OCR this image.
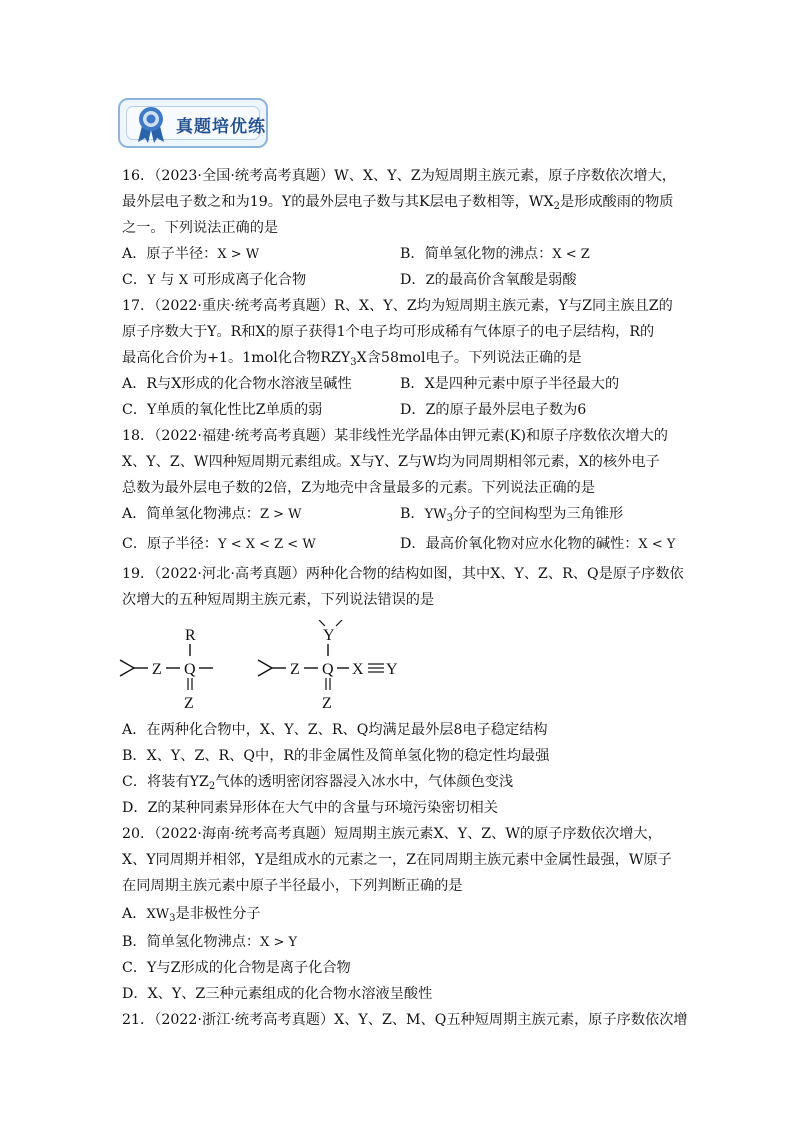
真题培优练
16．（2023·全国·统考高考真题）W、X、Y、Z为短周期主族元素，原子序数依次增大，
最外层电子数之和为19。Y的最外层电子数与其K层电子数相等，$WX_2$是形成酸雨的物质
之一。下列说法正确的是
A．原子半径：X > W	B．简单氢化物的沸点：X < Z
C．Y 与 X 可形成离子化合物	D．Z的最高价含氧酸是弱酸
17．（2022·重庆·统考高考真题）R、X、Y、Z均为短周期主族元素，Y与Z同主族且Z的
原子序数大于Y。R和X的原子获得1个电子均可形成稀有气体原子的电子层结构，R的
最高化合价为+1。1mol化合物$RZY_3X$含58mol电子。下列说法正确的是
A．R与X形成的化合物水溶液呈碱性	B．X是四种元素中原子半径最大的
C．Y单质的氧化性比Z单质的弱	D．Z的原子最外层电子数为6
18．（2022·福建·统考高考真题）某非线性光学晶体由钾元素(K)和原子序数依次增大的
X、Y、Z、W四种短周期元素组成。X与Y、Z与W均为同周期相邻元素，X的核外电子
总数为最外层电子数的2倍，Z为地壳中含量最多的元素。下列说法正确的是
A．简单氢化物沸点：Z > W	B．$YW_3$分子的空间构型为三角锥形
C．原子半径：Y < X < Z < W	D．最高价氧化物对应水化物的碱性：X < Y
19．（2022·河北·高考真题）两种化合物的结构如图，其中X、Y、Z、R、Q是原子序数依
次增大的五种短周期主族元素，下列说法错误的是
Z Q
R
Z
Z Q X Y
Y
Z
A．在两种化合物中，X、Y、Z、R、Q均满足最外层8电子稳定结构
B．X、Y、Z、R、Q中，R的非金属性及简单氢化物的稳定性均最强
C．将装有$YZ_2$气体的透明密闭容器浸入冰水中，气体颜色变浅
D．Z的某种同素异形体在大气中的含量与环境污染密切相关
20．（2022·海南·统考高考真题）短周期主族元素X、Y、Z、W的原子序数依次增大，
X、Y同周期并相邻，Y是组成水的元素之一，Z在同周期主族元素中金属性最强，W原子
在同周期主族元素中原子半径最小，下列判断正确的是
A．$XW_3$是非极性分子
B．简单氢化物沸点：X > Y
C．Y与Z形成的化合物是离子化合物
D．X、Y、Z三种元素组成的化合物水溶液呈酸性
21．（2022·浙江·统考高考真题）X、Y、Z、M、Q五种短周期主族元素，原子序数依次增
